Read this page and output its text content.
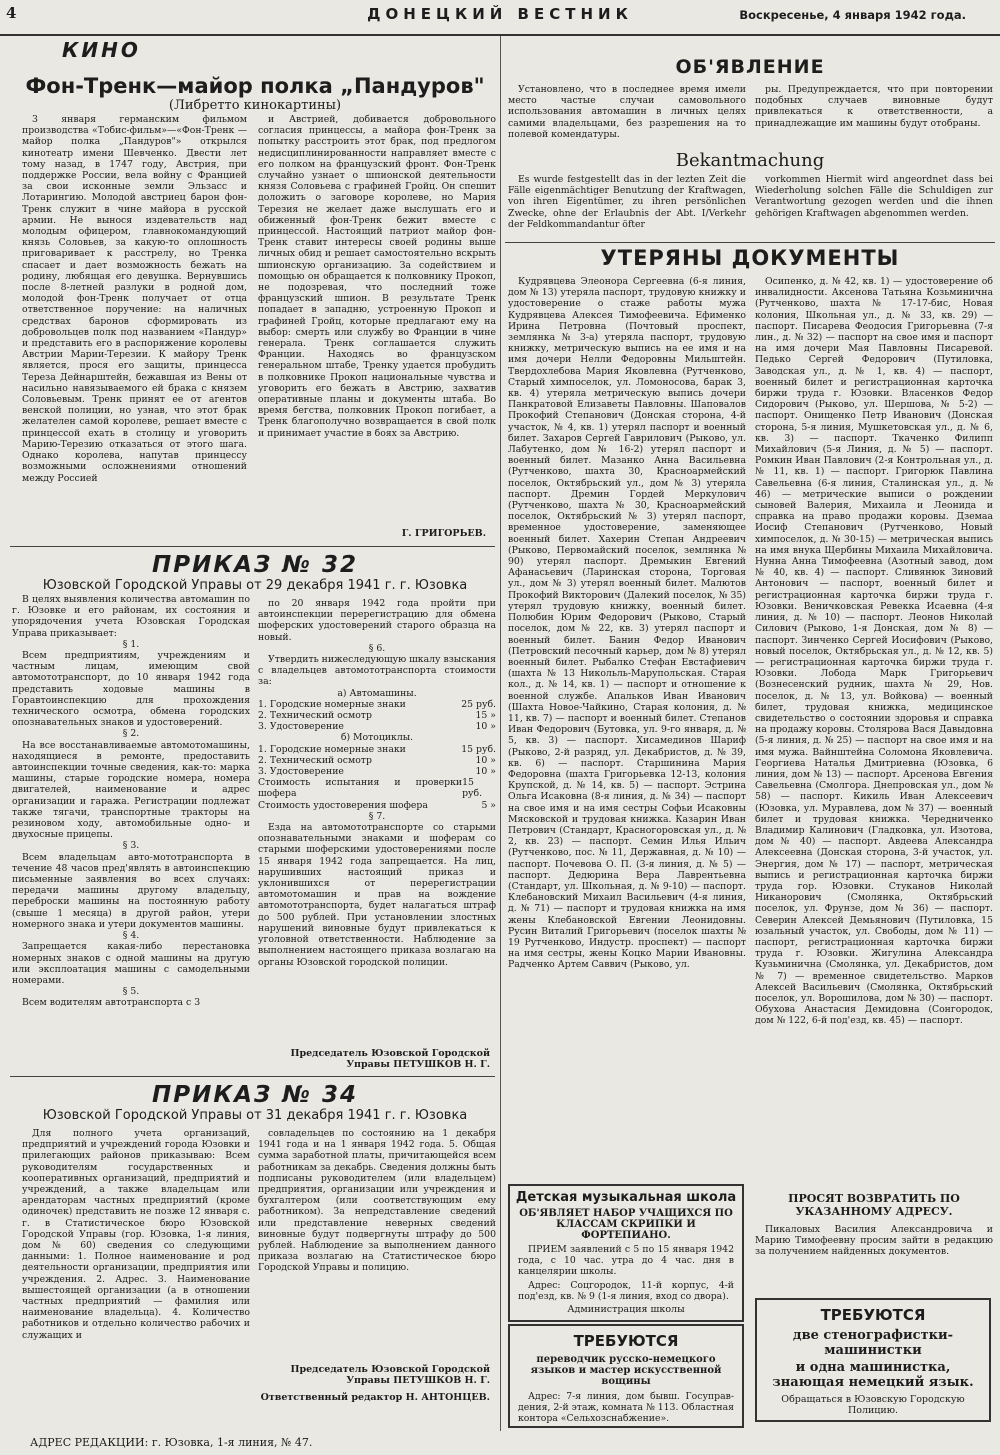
4	ДОНЕЦКИЙ ВЕСТНИК	Воскресенье, 4 января 1942 года.
КИНО
Фон-Тренк—майор полка „Пандуров"
(Либретто кинокартины)

3 января германским фильмом производства «Тобис-фильм»—«Фон-Тренк — майор полка „Пандуров"» открылся кинотеатр имени Шевченко. Двести лет тому назад, в 1747 году, Австрия, при поддержке России, вела войну с Францией за свои исконные земли Эльзасс и Лотарингию. Молодой австриец барон фон-Тренк служит в чине майора в русской армии. Не вынося издевательств над молодым офицером, главнокомандующий князь Соловьев, за какую-то оплошность приговаривает к расстрелу, но Тренка спасает и дает возможность бежать на родину, любящая его девушка. Вернувшись после 8-летней разлуки в родной дом, молодой фон-Тренк получает от отца ответственное поручение: на наличных средствах баронов сформировать из добровольцев полк под названием «Пандур» и представить его в распоряжение королевы Австрии Марии-Терезии. К майору Тренк является, прося его защиты, принцесса Тереза Дейнарштейн, бежавшая из Вены от насильно навязываемого ей брака с князем Соловьевым. Тренк принят ее от агентов венской полиции, но узнав, что этот брак желателен самой королеве, решает вместе с принцессой ехать в столицу и уговорить Марию-Терезию отказаться от этого шага. Однако королева, напутав принцессу возможными осложнениями отношений между Россией

и Австрией, добивается добровольного согласия принцессы, а майора фон-Тренк за попытку расстроить этот брак, под предлогом недисциплинированности направляет вместе с его полком на французский фронт. Фон-Тренк случайно узнает о шпионской деятельности князя Соловьева с графиней Гройц. Он спешит доложить о заговоре королеве, но Мария Терезия не желает даже выслушать его и обиженный фон-Тренк бежит вместе с принцессой. Настоящий патриот майор фон-Тренк ставит интересы своей родины выше личных обид и решает самостоятельно вскрыть шпионскую организацию. За содействием и помощью он обращается к полковнику Прокоп, не подозревая, что последний тоже французский шпион. В результате Тренк попадает в западню, устроенную Прокоп и графиней Гройц, которые предлагают ему на выбор: смерть или службу во Франции в чине генерала. Тренк соглашается служить Франции. Находясь во французском генеральном штабе, Тренку удается пробудить в полковнике Прокоп национальные чувства и уговорить его бежать в Австрию, захватив оперативные планы и документы штаба. Во время бегства, полковник Прокоп погибает, а Тренк благополучно возвращается в свой полк и принимает участие в боях за Австрию.

Г. ГРИГОРЬЕВ.
ПРИКАЗ № 32
Юзовской Городской Управы от 29 декабря 1941 г. г. Юзовка

В целях выявления количества автомашин по г. Юзовке и его районам, их состояния и упорядочения учета Юзовская Городская Управа приказывает:

§ 1.

Всем предприятиям, учреждениям и частным лицам, имеющим свой автомототранспорт, до 10 января 1942 года представить ходовые машины в Горавтоинспекцию для прохождения технического осмотра, обмена городских опознавательных знаков и удостоверений.

§ 2.

На все восстанавливаемые автомотомашины, находящиеся в ремонте, предоставить автоинспекции точные сведения, как-то: марка машины, старые городские номера, номера двигателей, наименование и адрес организации и гаража. Регистрации подлежат также тягачи, транспортные тракторы на резиновом ходу, автомобильные одно- и двухосные прицепы.

§ 3.

Всем владельцам авто-мототранспорта в течение 48 часов пред'являть в автоинспекцию письменные заявления во всех случаях: передачи машины другому владельцу, переброски машины на постоянную работу (свыше 1 месяца) в другой район, утери номерного знака и утери документов машины.

§ 4.

Запрещается какая-либо перестановка номерных знаков с одной машины на другую или эксплоатация машины с самодельными номерами.

§ 5.

Всем водителям автотранспорта с 3

по 20 января 1942 года пройти при автоинспекции перерегистрацию для обмена шоферских удостоверений старого образца на новый.

§ 6.

Утвердить нижеследующую шкалу взыскания с владельцев автомототранспорта стоимости за:

а) Автомашины.
1. Городские номерные знаки	25 руб.
2. Технический осмотр	15 »
3. Удостоверение	10 »
б) Мотоциклы.
1. Городские номерные знаки	15 руб.
2. Технический осмотр	10 »
3. Удостоверение	10 »
Стоимость испытания и проверки шофера
15 руб.
Стоимость удостоверения шофера	5 »
§ 7.

Езда на автомототранспорте со старыми опознавательными знаками и шоферам со старыми шоферскими удостоверениями после 15 января 1942 года запрещается. На лиц, нарушивших настоящий приказ и уклонившихся от перерегистрации автомотомашин и прав на вождение автомототранспорта, будет налагаться штраф до 500 рублей. При установлении злостных нарушений виновные будут привлекаться к уголовной ответственности. Наблюдение за выполнением настоящего приказа возлагаю на органы Юзовской городской полиции.

Председатель Юзовской Городской Управы ПЕТУШКОВ Н. Г.
ПРИКАЗ № 34
Юзовской Городской Управы от 31 декабря 1941 г. г. Юзовка

Для полного учета организаций, предприятий и учреждений города Юзовки и прилегающих районов приказываю: Всем руководителям государственных и кооперативных организаций, предприятий и учреждений, а также владельцам или арендаторам частных предприятий (кроме одиночек) представить не позже 12 января с. г. в Статистическое бюро Юзовской Городской Управы (гор. Юзовка, 1-я линия, дом № 60) сведения со следующими данными: 1. Полное наименование и род деятельности организации, предприятия или учреждения. 2. Адрес. 3. Наименование вышестоящей организации (а в отношении частных предприятий — фамилия или наименование владельца). 4. Количество работников и отдельно количество рабочих и служащих и

совладельцев по состоянию на 1 декабря 1941 года и на 1 января 1942 года. 5. Общая сумма заработной платы, причитающейся всем работникам за декабрь. Сведения должны быть подписаны руководителем (или владельцем) предприятия, организации или учреждения и бухгалтером (или соответствующим ему работником). За непредставление сведений или представление неверных сведений виновные будут подвергнуты штрафу до 500 рублей. Наблюдение за выполнением данного приказа возлагаю на Статистическое бюро Городской Управы и полицию.

Председатель Юзовской Городской Управы ПЕТУШКОВ Н. Г.
Ответственный редактор Н. АНТОНЦЕВ.
АДРЕС РЕДАКЦИИ: г. Юзовка, 1-я линия, № 47.
ОБ'ЯВЛЕНИЕ

Установлено, что в последнее время имели место частые случаи самовольного использования автомашин в личных целях самими владельцами, без разрешения на то полевой комендатуры.

ры. Предупреждается, что при повторении подобных случаев виновные будут привлекаться к ответственности, а принадлежащие им машины будут отобраны.

Bekantmachung

Es wurde festgestellt das in der lezten Zeit die Fälle eigenmächtiger Benutzung der Kraftwagen, von ihren Eigentümer, zu ihren persönlichen Zwecke, ohne der Erlaubnis der Abt. I/Verkehr der Feldkommandantur öfter

vorkommen Hiermit wird angeordnet dass bei Wiederholung solchen Fälle die Schuldigen zur Verantwortung gezogen werden und die ihnen gehörigen Kraftwagen abgenommen werden.

УТЕРЯНЫ ДОКУМЕНТЫ

Кудрявцева Элеонора Сергеевна (6-я линия, дом № 13) утеряла паспорт, трудовую книжку и удостоверение о стаже работы мужа Кудрявцева Алексея Тимофеевича. Ефименко Ирина Петровна (Почтовый проспект, землянка № 3-а) утеряла паспорт, трудовую книжку, метрическую выпись на ее имя и на имя дочери Нелли Федоровны Мильштейн. Твердохлебова Мария Яковлевна (Рутченково, Старый химпоселок, ул. Ломоносова, барак 3, кв. 4) утеряла метрическую выпись дочери Панкратовой Елизаветы Павловны. Шаповалов Прокофий Степанович (Донская сторона, 4-й участок, № 4, кв. 1) утерял паспорт и военный билет. Захаров Сергей Гаврилович (Рыково, ул. Лабутенко, дом № 16-2) утерял паспорт и военный билет. Мазанко Анна Васильевна (Рутченково, шахта 30, Красноармейский поселок, Октябрьский ул., дом № 3) утеряла паспорт. Дремин Гордей Меркулович (Рутченково, шахта № 30, Красноармейский поселок, Октябрьский № 3) утерял паспорт, временное удостоверение, заменяющее военный билет. Хахерин Степан Андреевич (Рыково, Первомайский поселок, землянка № 90) утерял паспорт. Дремыкин Евгений Афанасьевич (Ларинская сторона, Торговая ул., дом № 3) утерял военный билет. Малютов Прокофий Викторович (Далекий поселок, № 35) утерял трудовую книжку, военный билет. Полюбин Юрим Федорович (Рыково, Старый поселок, дом № 22, кв. 3) утерял паспорт и военный билет. Банин Федор Иванович (Петровский песочный карьер, дом № 8) утерял военный билет. Рыбалко Стефан Евстафиевич (шахта № 13 Никольль-Марупольская. Старая кол., д. № 14, кв. 1) — паспорт и отношение к военной службе. Апальков Иван Иванович (Шахта Новое-Чайкино, Старая колония, д. № 11, кв. 7) — паспорт и военный билет. Степанов Иван Федорович (Бутовка, ул. 9-го января, д. № 5, кв. 3) — паспорт. Хисамединов Шариф (Рыково, 2-й разряд, ул. Декабристов, д. № 39, кв. 6) — паспорт. Старшинина Мария Федоровна (шахта Григорьевка 12-13, колония Крупской, д. № 14, кв. 5) — паспорт. Эстрина Ольга Исаковна (8-я линия, д. № 34) — паспорт на свое имя и на имя сестры Софьи Исаковны Мясковской и трудовая книжка. Казарин Иван Петрович (Стандарт, Красногоровская ул., д. № 2, кв. 23) — паспорт. Семин Илья Ильич (Рутченково, пос. № 11, Державная, д. № 10) — паспорт. Почевова О. П. (3-я линия, д. № 5) — паспорт. Дедюрина Вера Лаврентьевна (Стандарт, ул. Школьная, д. № 9-10) — паспорт. Клебановский Михаил Васильевич (4-я линия, д. № 71) — паспорт и трудовая книжка на имя жены Клебановской Евгении Леонидовны. Русин Виталий Григорьевич (поселок шахты № 19 Рутченково, Индустр. проспект) — паспорт на имя сестры, жены Коцко Марии Ивановны. Радченко Артем Саввич (Рыково, ул.

Осипенко, д. № 42, кв. 1) — удостоверение об инвалидности. Аксенова Татьяна Козьминична (Рутченково, шахта № 17-17-бис, Новая колония, Школьная ул., д. № 33, кв. 29) — паспорт. Писарева Феодосия Григорьевна (7-я лин., д. № 32) — паспорт на свое имя и паспорт на имя дочери Мая Павловны Писаревой. Педько Сергей Федорович (Путиловка, Заводская ул., д. № 1, кв. 4) — паспорт, военный билет и регистрационная карточка биржи труда г. Юзовки. Власенков Федор Сидорович (Рыково, ул. Шершова, № 5-2) — паспорт. Онищенко Петр Иванович (Донская сторона, 5-я линия, Мушкетовская ул., д. № 6, кв. 3) — паспорт. Ткаченко Филипп Михайлович (5-я Линия, д. № 5) — паспорт. Ромкин Иван Павлович (2-я Контрольная ул., д. № 11, кв. 1) — паспорт. Григорюк Павлина Савельевна (6-я линия, Сталинская ул., д. № 46) — метрические выписи о рождении сыновей Валерия, Михаила и Леонида и справка на право продажи коровы. Дземаа Иосиф Степанович (Рутченково, Новый химпоселок, д. № 30-15) — метрическая выпись на имя внука Щербины Михаила Михайловича. Нунна Анна Тимофеевна (Азотный завод, дом № 40, кв. 4) — паспорт. Сливянюк Зиновий Антонович — паспорт, военный билет и регистрационная карточка биржи труда г. Юзовки. Веничковская Ревекка Исаевна (4-я линия, д. № 10) — паспорт. Леонов Николай Силович (Рыково, 1-я Донская, дом № 8) — паспорт. Зинченко Сергей Иосифович (Рыково, новый поселок, Октябрьская ул., д. № 12, кв. 5) — регистрационная карточка биржи труда г. Юзовки. Лобода Марк Григорьевич (Вознесенский рудник, шахта № 29, Нов. поселок, д. № 13, ул. Войкова) — военный билет, трудовая книжка, медицинское свидетельство о состоянии здоровья и справка на продажу коровы. Столярова Вася Давыдовна (5-я линия, д. № 25) — паспорт на свое имя и на имя мужа. Вайнштейна Соломона Яковлевича. Георгиева Наталья Дмитриевна (Юзовка, 6 линия, дом № 13) — паспорт. Арсенова Евгения Савельевна (Смолгора. Днепровская ул., дом № 58) — паспорт. Кикиль Иван Алексеевич (Юзовка, ул. Муравлева, дом № 37) — военный билет и трудовая книжка. Чередниченко Владимир Калинович (Гладковка, ул. Изотова, дом № 40) — паспорт. Авдеева Александра Алексеевна (Донская сторона, 3-й участок, ул. Энергия, дом № 17) — паспорт, метрическая выпись и регистрационная карточка биржи труда гор. Юзовки. Стуканов Николай Никанорович (Смолянка, Октябрьский поселок, ул. Фрунзе, дом № 36) — паспорт. Северин Алексей Демьянович (Путиловка, 15 юзальный участок, ул. Свободы, дом № 11) — паспорт, регистрационная карточка биржи труда г. Юзовки. Жигулина Александра Кузьминична (Смолянка, ул. Декабристов, дом № 7) — временное свидетельство. Марков Алексей Васильевич (Смолянка, Октябрьский поселок, ул. Ворошилова, дом № 30) — паспорт. Обухова Анастасия Демидовна (Сонгородок, дом № 122, 6-й под'езд, кв. 45) — паспорт.

ПРОСЯТ ВОЗВРАТИТЬ ПО УКАЗАННОМУ АДРЕСУ.

Пикаловых Василия Александровича и Марию Тимофеевну просим зайти в редакцию за получением найденных документов.

Детская музыкальная школа
ОБ'ЯВЛЯЕТ НАБОР УЧАЩИХСЯ ПО КЛАССАМ СКРИПКИ И ФОРТЕПИАНО.

ПРИЕМ заявлений с 5 по 15 января 1942 года, с 10 час. утра до 4 час. дня в канцелярии школы.

Адрес: Соцгородок, 11-й корпус, 4-й под'езд, кв. № 9 (1-я линия, вход со двора).

Администрация школы
ТРЕБУЮТСЯ
переводчик русско-немецкого языков и мастер искусственной вощины

Адрес: 7-я линия, дом бывш. Госуправ-дения, 2-й этаж, комната № 113. Областная контора «Сельхозснабжение».

ТРЕБУЮТСЯ
две стенографистки-машинистки
и одна машинистка, знающая немецкий язык.
Обращаться в Юзовскую Городскую Полицию.
